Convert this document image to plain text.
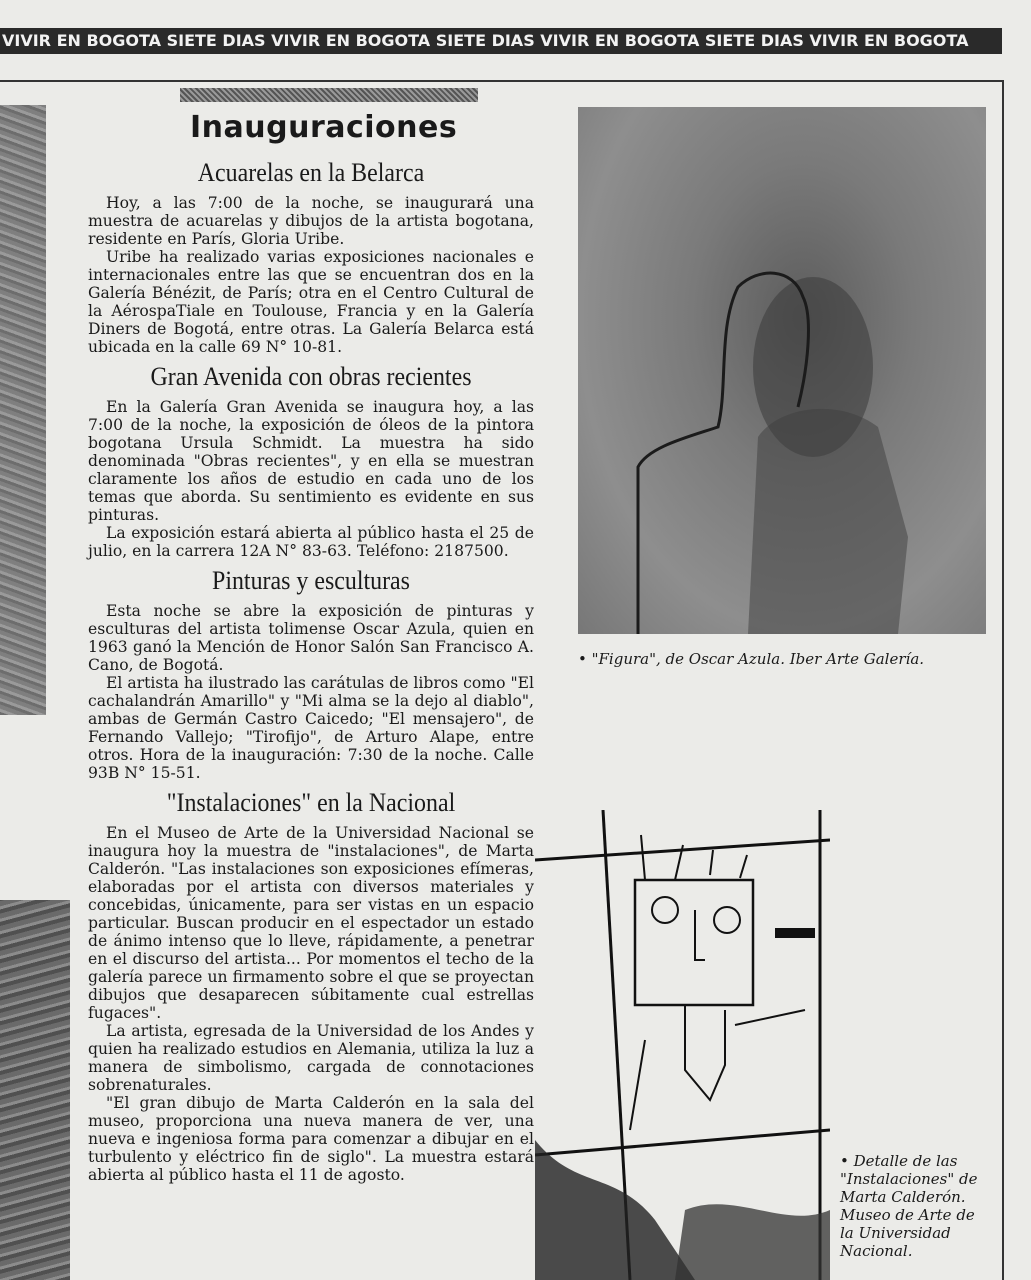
VIVIR EN BOGOTA SIETE DIAS VIVIR EN BOGOTA SIETE DIAS VIVIR EN BOGOTA SIETE DIAS VIVIR EN BOGOTA
Inauguraciones
Acuarelas en la Belarca

Hoy, a las 7:00 de la noche, se inaugurará una muestra de acuarelas y dibujos de la artista bogotana, residente en París, Gloria Uribe.

Uribe ha realizado varias exposiciones nacionales e internacionales entre las que se encuentran dos en la Galería Bénézit, de París; otra en el Centro Cultural de la AérospaTiale en Toulouse, Francia y en la Galería Diners de Bogotá, entre otras. La Galería Belarca está ubicada en la calle 69 N° 10-81.

Gran Avenida con obras recientes

En la Galería Gran Avenida se inaugura hoy, a las 7:00 de la noche, la exposición de óleos de la pintora bogotana Ursula Schmidt. La muestra ha sido denominada "Obras recientes", y en ella se muestran claramente los años de estudio en cada uno de los temas que aborda. Su sentimiento es evidente en sus pinturas.

La exposición estará abierta al público hasta el 25 de julio, en la carrera 12A N° 83-63. Teléfono: 2187500.

Pinturas y esculturas

Esta noche se abre la exposición de pinturas y esculturas del artista tolimense Oscar Azula, quien en 1963 ganó la Mención de Honor Salón San Francisco A. Cano, de Bogotá.

El artista ha ilustrado las carátulas de libros como "El cachalandrán Amarillo" y "Mi alma se la dejo al diablo", ambas de Germán Castro Caicedo; "El mensajero", de Fernando Vallejo; "Tirofijo", de Arturo Alape, entre otros. Hora de la inauguración: 7:30 de la noche. Calle 93B N° 15-51.

"Instalaciones" en la Nacional

En el Museo de Arte de la Universidad Nacional se inaugura hoy la muestra de "instalaciones", de Marta Calderón. "Las instalaciones son exposiciones efímeras, elaboradas por el artista con diversos materiales y concebidas, únicamente, para ser vistas en un espacio particular. Buscan producir en el espectador un estado de ánimo intenso que lo lleve, rápidamente, a penetrar en el discurso del artista... Por momentos el techo de la galería parece un firmamento sobre el que se proyectan dibujos que desaparecen súbitamente cual estrellas fugaces".

La artista, egresada de la Universidad de los Andes y quien ha realizado estudios en Alemania, utiliza la luz a manera de simbolismo, cargada de connotaciones sobrenaturales.

"El gran dibujo de Marta Calderón en la sala del museo, proporciona una nueva manera de ver, una nueva e ingeniosa forma para comenzar a dibujar en el turbulento y eléctrico fin de siglo". La muestra estará abierta al público hasta el 11 de agosto.

• "Figura", de Oscar Azula. Iber Arte Galería.
• Detalle de las "Instalaciones" de Marta Calderón. Museo de Arte de la Universidad Nacional.
